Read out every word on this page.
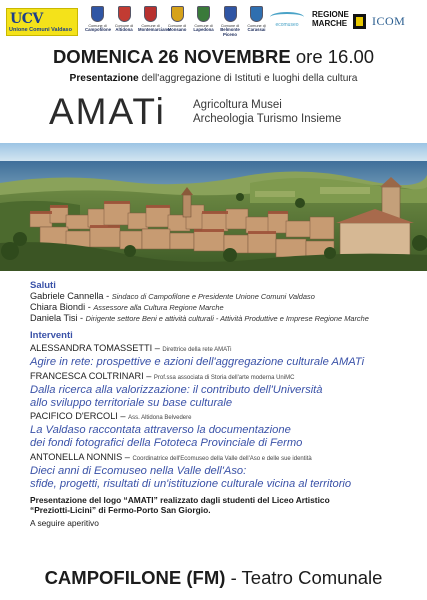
UCV
Unione Comuni Valdaso
Comune di
Campofilone
Comune di
Altidona
Comune di
Montemarciano
Comune di
Monsano
Comune di
Lapedona
Comune di
Belmonte Piceno
Comune di
Carassai
ecomuseo
REGIONE
MARCHE	ICOM
DOMENICA 26 NOVEMBRE ore 16.00
Presentazione dell'aggregazione di Istituti e luoghi della cultura
AMATi Agricoltura Musei
Archeologia Turismo Insieme
Saluti
Gabriele Cannella - Sindaco di Campofilone e Presidente Unione Comuni Valdaso
Chiara Biondi - Assessore alla Cultura Regione Marche
Daniela Tisi - Dirigente settore Beni e attività culturali - Attività Produttive e Imprese Regione Marche
Interventi
ALESSANDRA TOMASSETTI – Direttrice della rete AMATi
Agire in rete: prospettive e azioni dell'aggregazione culturale AMATi
FRANCESCA COLTRINARI – Prof.ssa associata di Storia dell'arte moderna UniMC
Dalla ricerca alla valorizzazione: il contributo dell'Università
allo sviluppo territoriale su base culturale
PACIFICO D'ERCOLI – Ass. Altidona Belvedere
La Valdaso raccontata attraverso la documentazione
dei fondi fotografici della Fototeca Provinciale di Fermo
ANTONELLA NONNIS – Coordinatrice dell'Ecomuseo della Valle dell'Aso e delle sue identità
Dieci anni di Ecomuseo nella Valle dell'Aso:
sfide, progetti, risultati di un'istituzione culturale vicina al territorio
Presentazione del logo “AMATI” realizzato dagli studenti del Liceo Artistico
“Preziotti-Licini” di Fermo-Porto San Giorgio.
A seguire aperitivo
CAMPOFILONE (FM) - Teatro Comunale
